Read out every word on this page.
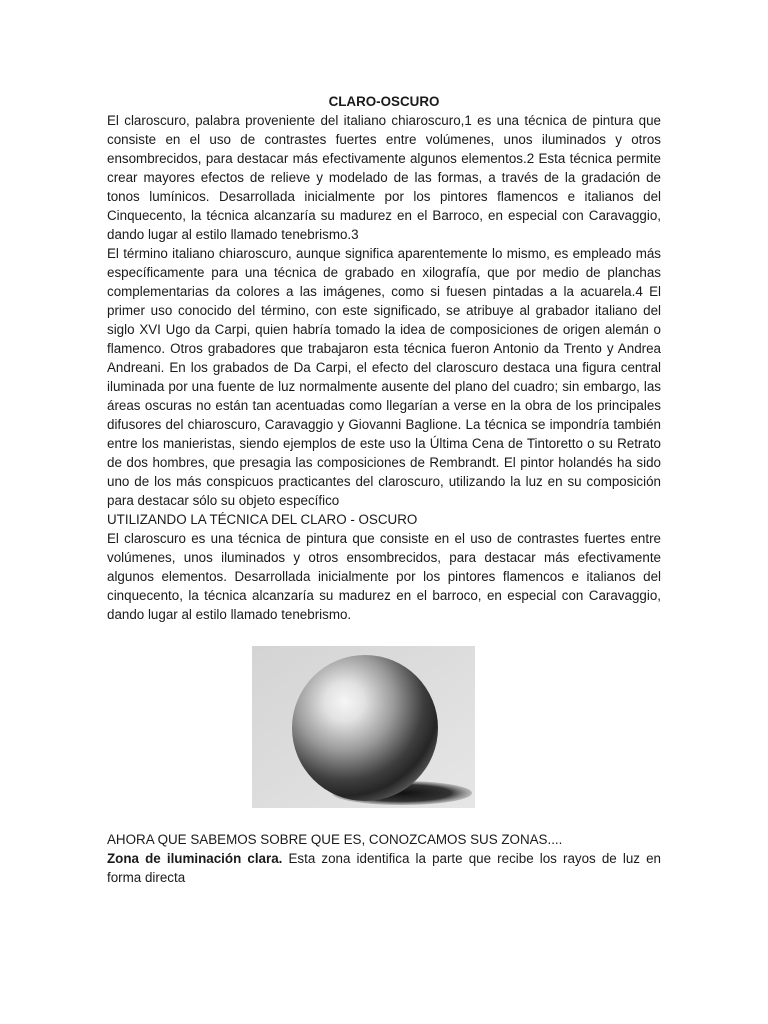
CLARO-OSCURO

El claroscuro, palabra proveniente del italiano chiaroscuro,1 es una técnica de pintura que consiste en el uso de contrastes fuertes entre volúmenes, unos iluminados y otros ensombrecidos, para destacar más efectivamente algunos elementos.2 Esta técnica permite crear mayores efectos de relieve y modelado de las formas, a través de la gradación de tonos lumínicos. Desarrollada inicialmente por los pintores flamencos e italianos del Cinquecento, la técnica alcanzaría su madurez en el Barroco, en especial con Caravaggio, dando lugar al estilo llamado tenebrismo.3

El término italiano chiaroscuro, aunque significa aparentemente lo mismo, es empleado más específicamente para una técnica de grabado en xilografía, que por medio de planchas complementarias da colores a las imágenes, como si fuesen pintadas a la acuarela.4 El primer uso conocido del término, con este significado, se atribuye al grabador italiano del siglo XVI Ugo da Carpi, quien habría tomado la idea de composiciones de origen alemán o flamenco. Otros grabadores que trabajaron esta técnica fueron Antonio da Trento y Andrea Andreani. En los grabados de Da Carpi, el efecto del claroscuro destaca una figura central iluminada por una fuente de luz normalmente ausente del plano del cuadro; sin embargo, las áreas oscuras no están tan acentuadas como llegarían a verse en la obra de los principales difusores del chiaroscuro, Caravaggio y Giovanni Baglione. La técnica se impondría también entre los manieristas, siendo ejemplos de este uso la Última Cena de Tintoretto o su Retrato de dos hombres, que presagia las composiciones de Rembrandt. El pintor holandés ha sido uno de los más conspicuos practicantes del claroscuro, utilizando la luz en su composición para destacar sólo su objeto específico

UTILIZANDO LA TÉCNICA DEL CLARO - OSCURO

El claroscuro es una técnica de pintura que consiste en el uso de contrastes fuertes entre volúmenes, unos iluminados y otros ensombrecidos, para destacar más efectivamente algunos elementos. Desarrollada inicialmente por los pintores flamencos e italianos del cinquecento, la técnica alcanzaría su madurez en el barroco, en especial con Caravaggio, dando lugar al estilo llamado tenebrismo.

AHORA QUE SABEMOS SOBRE QUE ES, CONOZCAMOS SUS ZONAS....

Zona de iluminación clara. Esta zona identifica la parte que recibe los rayos de luz en forma directa
